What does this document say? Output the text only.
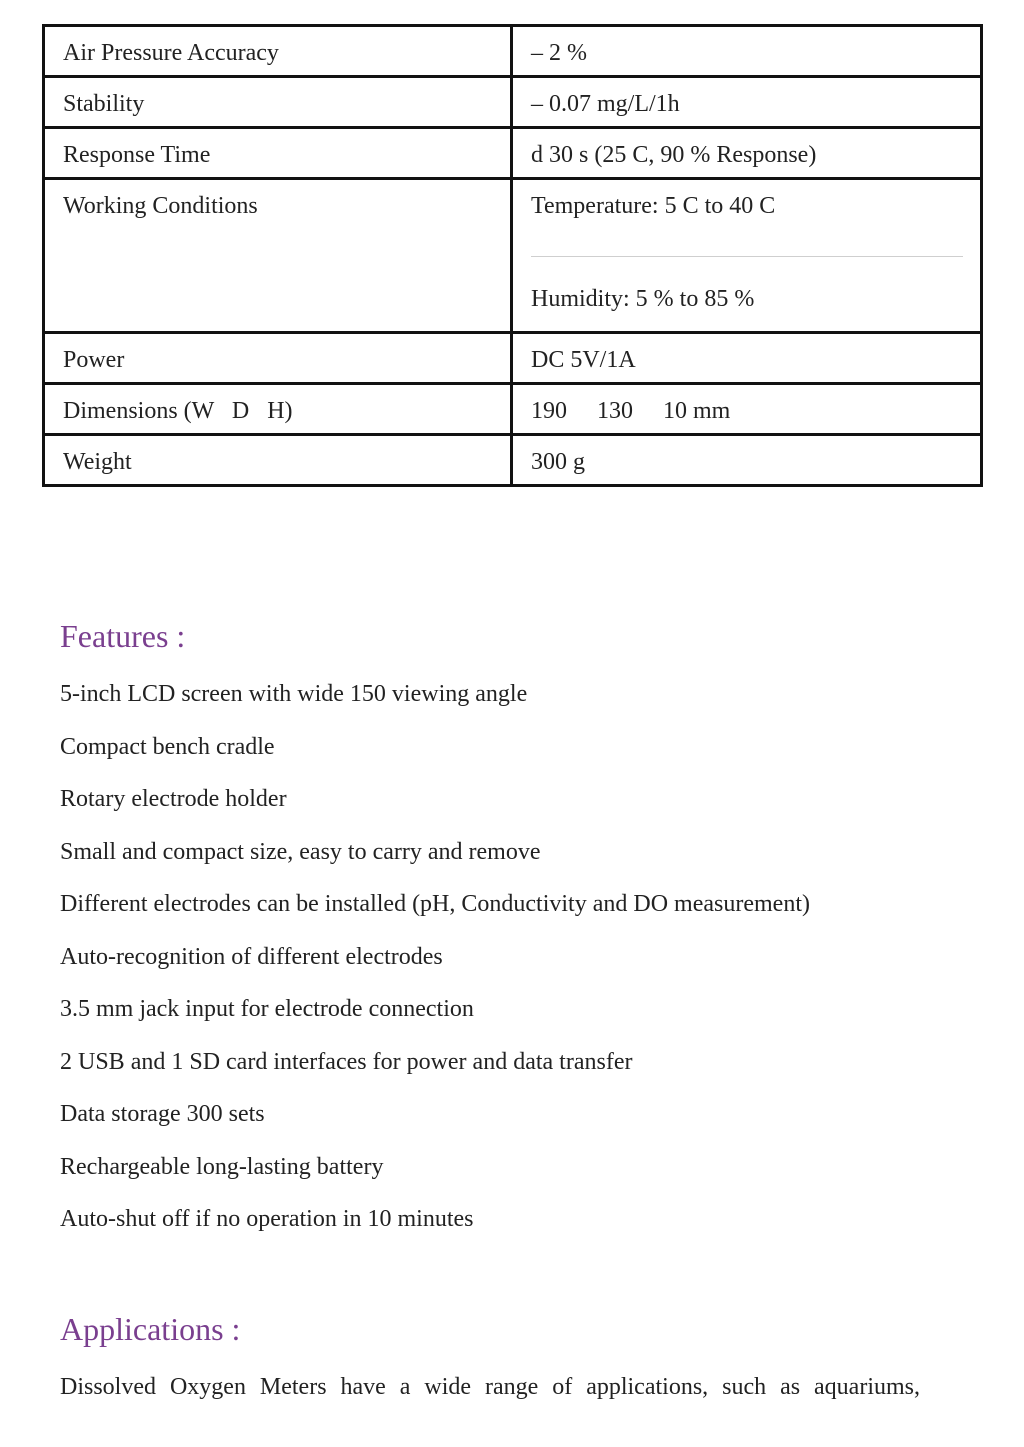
Air Pressure Accuracy	– 2 %
Stability	– 0.07 mg/L/1h
Response Time	d 30 s (25 C, 90 % Response)
Working Conditions	Temperature: 5 C to 40 C
Humidity: 5 % to 85 %

Power	DC 5V/1A
Dimensions (W   D   H)	190     130     10 mm
Weight	300 g
Features :
5-inch LCD screen with wide 150 viewing angle
Compact bench cradle
Rotary electrode holder
Small and compact size, easy to carry and remove
Different electrodes can be installed (pH, Conductivity and DO measurement)
Auto-recognition of different electrodes
3.5 mm jack input for electrode connection
2 USB and 1 SD card interfaces for power and data transfer
Data storage 300 sets
Rechargeable long-lasting battery
Auto-shut off if no operation in 10 minutes
Applications :

Dissolved Oxygen Meters have a wide range of applications, such as aquariums,
